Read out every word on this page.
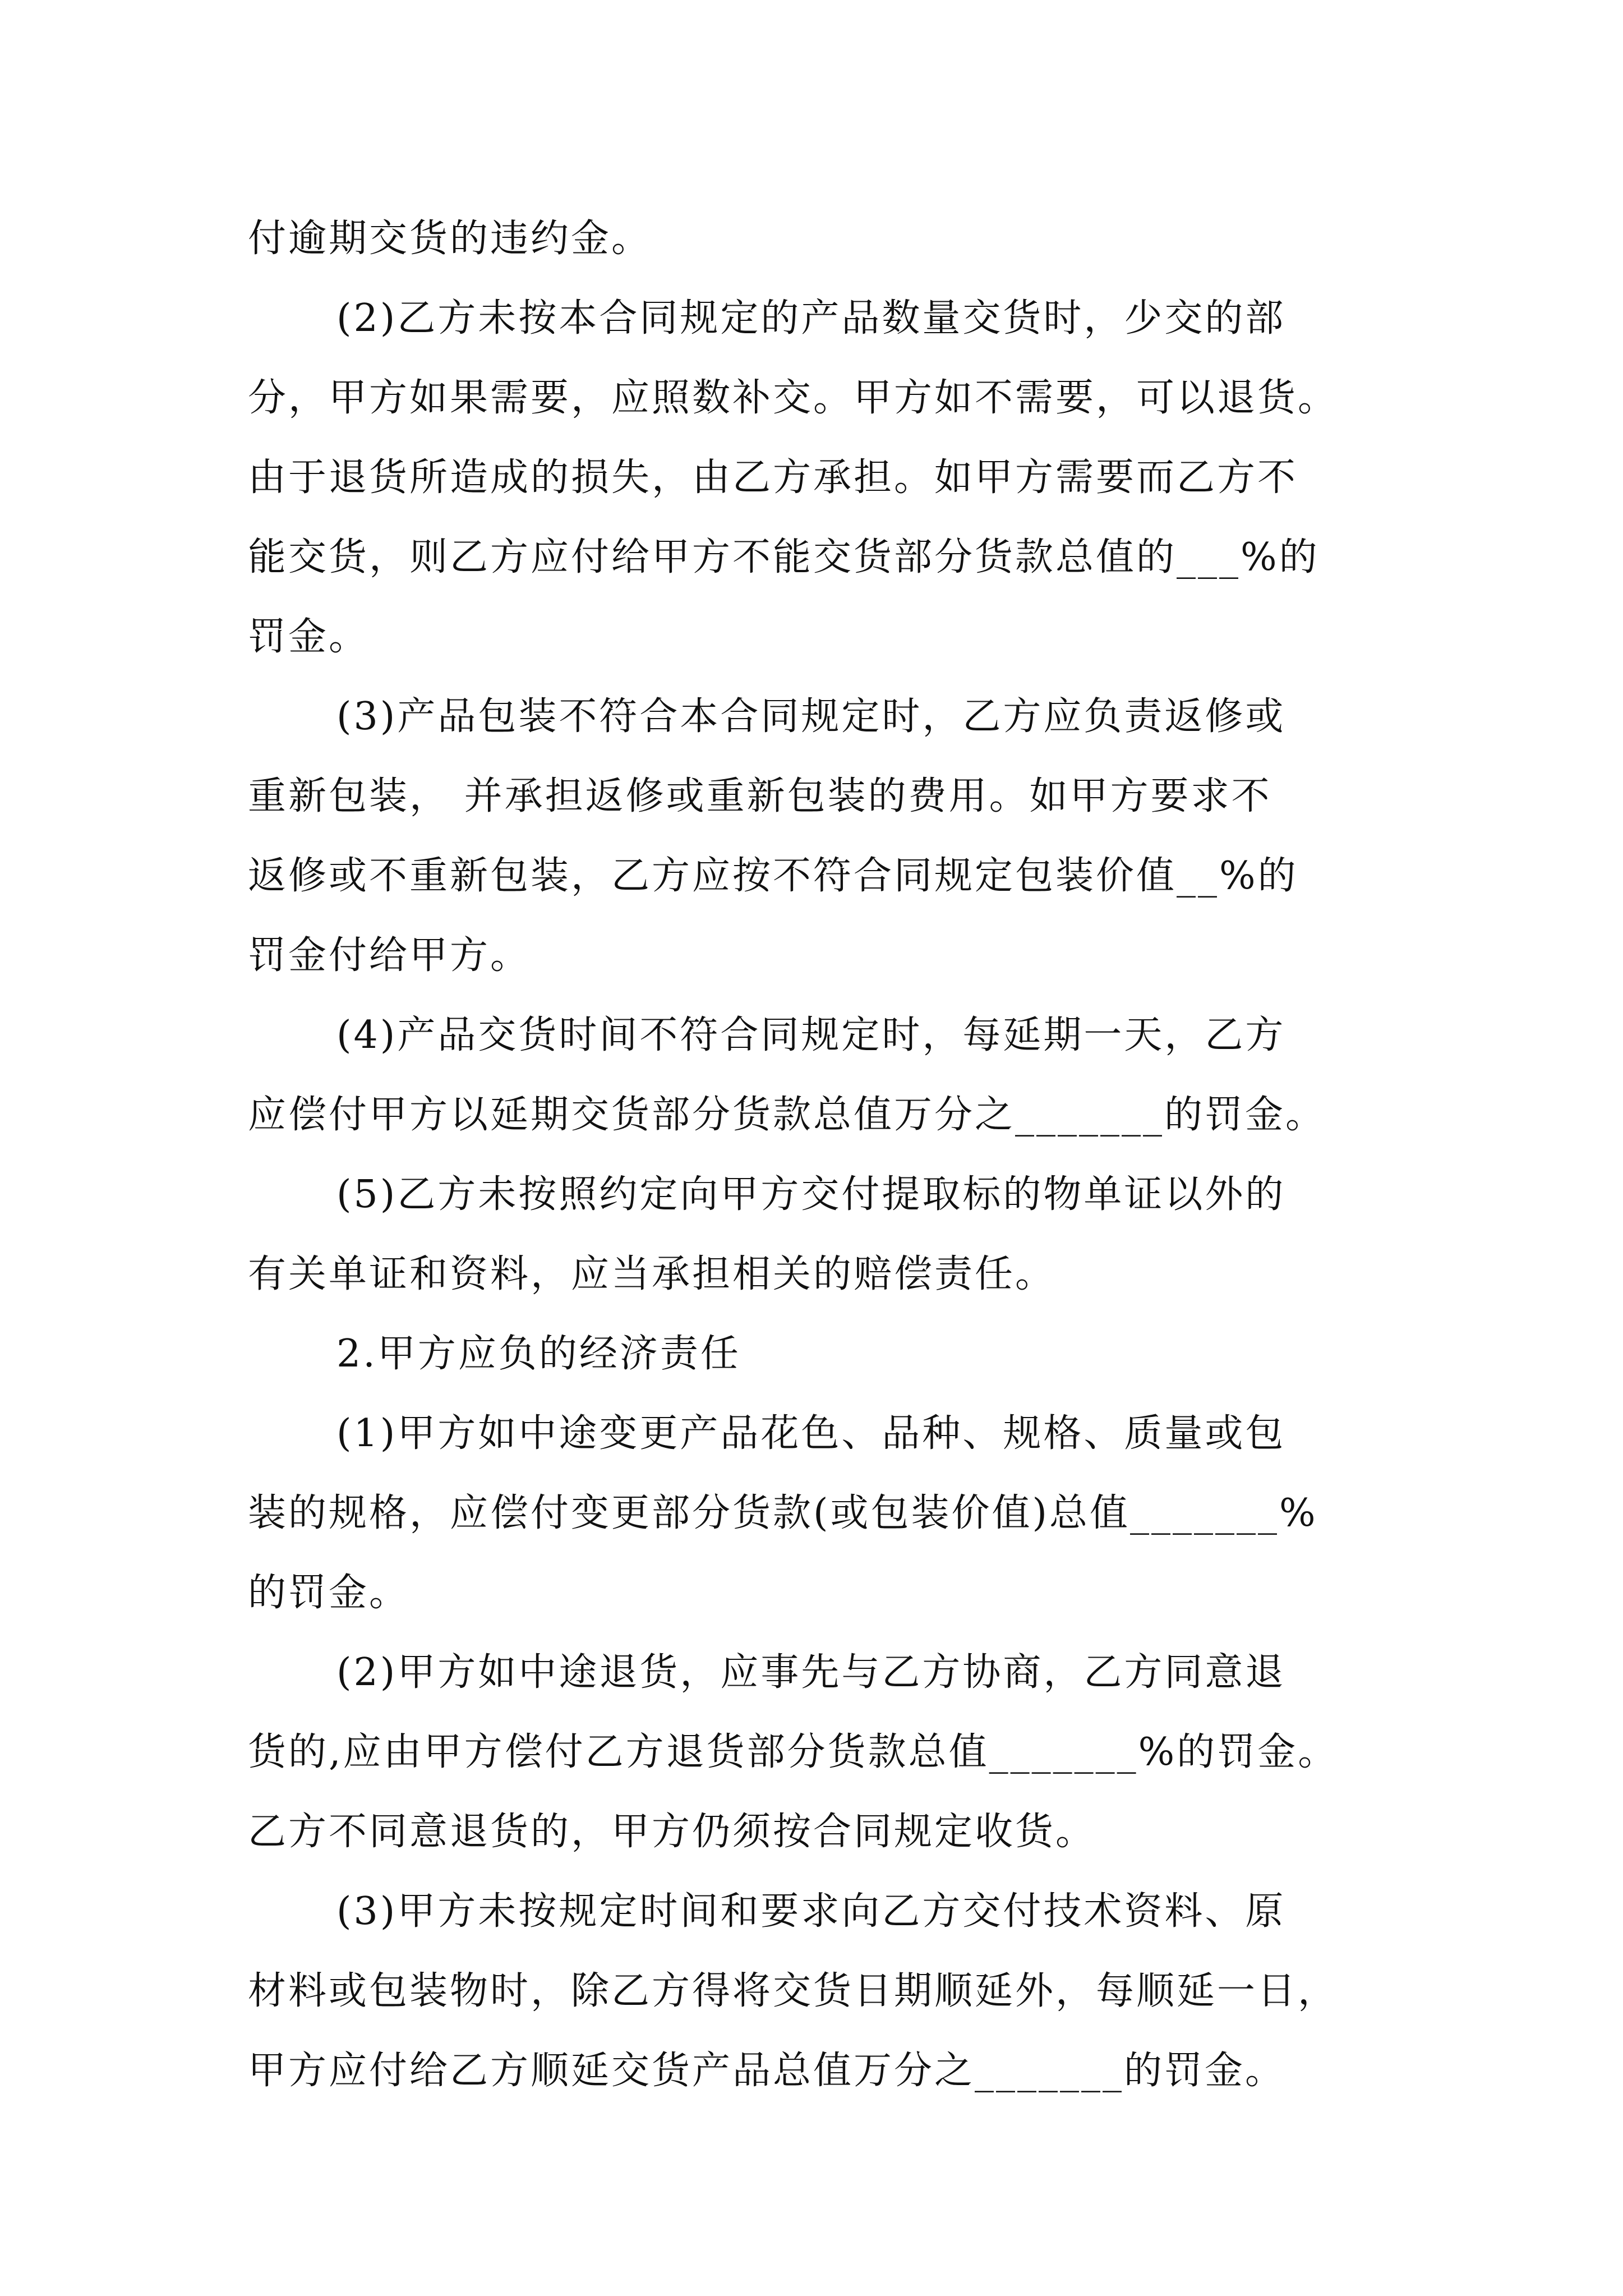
付逾期交货的违约金。
(2)乙方未按本合同规定的产品数量交货时，少交的部
分，甲方如果需要，应照数补交。甲方如不需要，可以退货。
由于退货所造成的损失，由乙方承担。如甲方需要而乙方不
能交货，则乙方应付给甲方不能交货部分货款总值的___%的
罚金。
(3)产品包装不符合本合同规定时，乙方应负责返修或
重新包装， 并承担返修或重新包装的费用。如甲方要求不
返修或不重新包装，乙方应按不符合同规定包装价值__%的
罚金付给甲方。
(4)产品交货时间不符合同规定时，每延期一天，乙方
应偿付甲方以延期交货部分货款总值万分之_______的罚金。
(5)乙方未按照约定向甲方交付提取标的物单证以外的
有关单证和资料，应当承担相关的赔偿责任。
2.甲方应负的经济责任
(1)甲方如中途变更产品花色、品种、规格、质量或包
装的规格，应偿付变更部分货款(或包装价值)总值_______%
的罚金。
(2)甲方如中途退货，应事先与乙方协商，乙方同意退
货的,应由甲方偿付乙方退货部分货款总值_______%的罚金。
乙方不同意退货的，甲方仍须按合同规定收货。
(3)甲方未按规定时间和要求向乙方交付技术资料、原
材料或包装物时，除乙方得将交货日期顺延外，每顺延一日，
甲方应付给乙方顺延交货产品总值万分之_______的罚金。
